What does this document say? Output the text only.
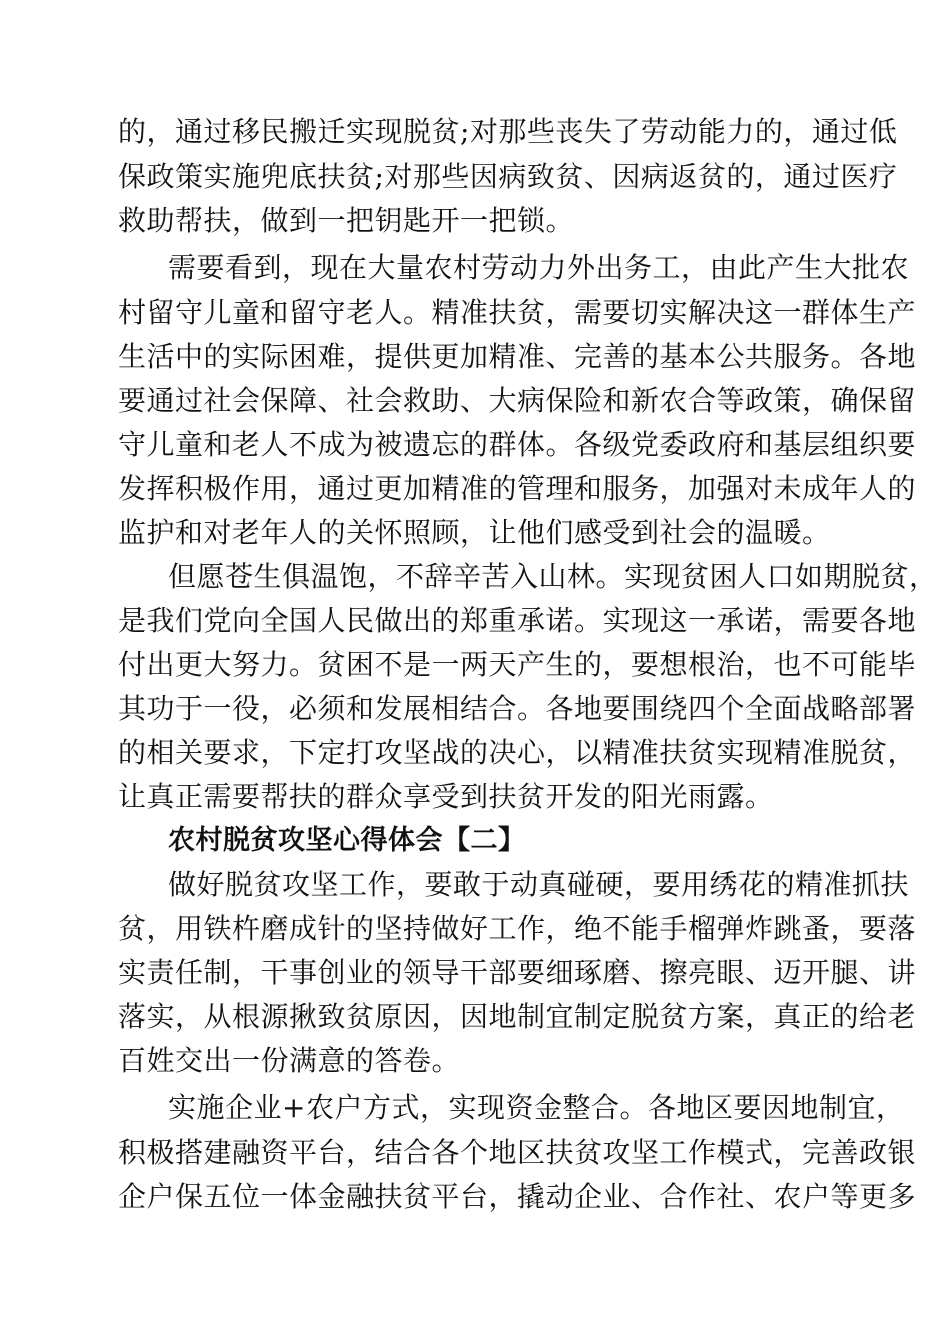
的，通过移民搬迁实现脱贫;对那些丧失了劳动能力的，通过低
保政策实施兜底扶贫;对那些因病致贫、因病返贫的，通过医疗
救助帮扶，做到一把钥匙开一把锁。
需要看到，现在大量农村劳动力外出务工，由此产生大批农
村留守儿童和留守老人。精准扶贫，需要切实解决这一群体生产
生活中的实际困难，提供更加精准、完善的基本公共服务。各地
要通过社会保障、社会救助、大病保险和新农合等政策，确保留
守儿童和老人不成为被遗忘的群体。各级党委政府和基层组织要
发挥积极作用，通过更加精准的管理和服务，加强对未成年人的
监护和对老年人的关怀照顾，让他们感受到社会的温暖。
但愿苍生俱温饱，不辞辛苦入山林。实现贫困人口如期脱贫，
是我们党向全国人民做出的郑重承诺。实现这一承诺，需要各地
付出更大努力。贫困不是一两天产生的，要想根治，也不可能毕
其功于一役，必须和发展相结合。各地要围绕四个全面战略部署
的相关要求，下定打攻坚战的决心，以精准扶贫实现精准脱贫，
让真正需要帮扶的群众享受到扶贫开发的阳光雨露。
农村脱贫攻坚心得体会【二】
做好脱贫攻坚工作，要敢于动真碰硬，要用绣花的精准抓扶
贫，用铁杵磨成针的坚持做好工作，绝不能手榴弹炸跳蚤，要落
实责任制，干事创业的领导干部要细琢磨、擦亮眼、迈开腿、讲
落实，从根源揪致贫原因，因地制宜制定脱贫方案，真正的给老
百姓交出一份满意的答卷。
实施企业+农户方式，实现资金整合。各地区要因地制宜，
积极搭建融资平台，结合各个地区扶贫攻坚工作模式，完善政银
企户保五位一体金融扶贫平台，撬动企业、合作社、农户等更多
